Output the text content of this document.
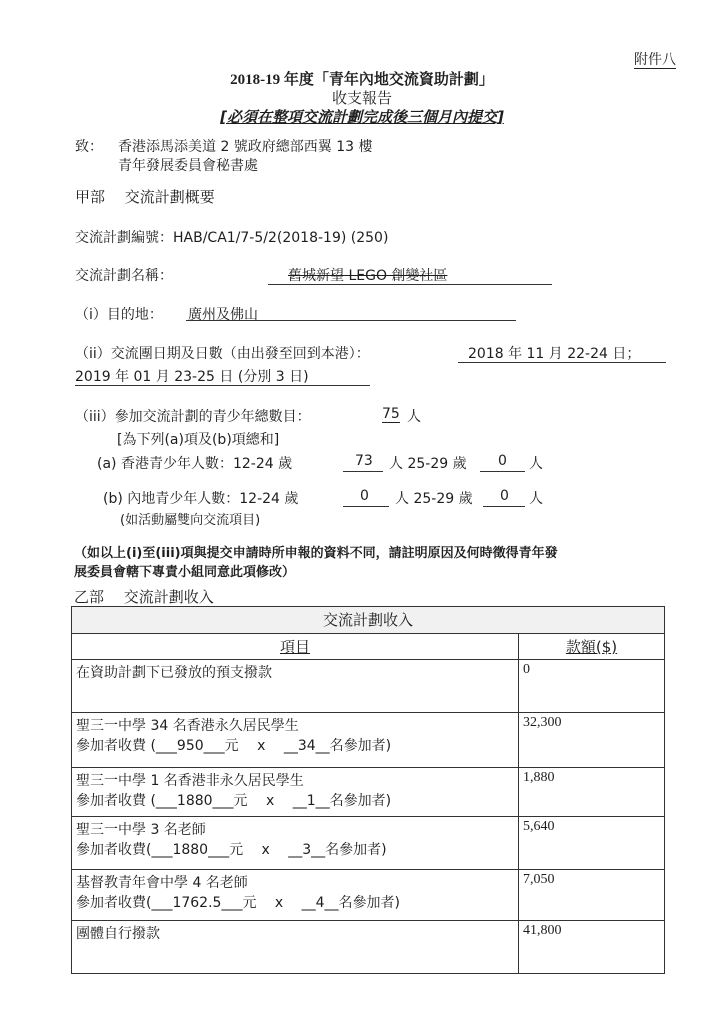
附件八
2018-19 年度「青年內地交流資助計劃」
收支報告
[必須在整項交流計劃完成後三個月內提交]
致： 香港添馬添美道 2 號政府總部西翼 13 樓
青年發展委員會秘書處
甲部　 交流計劃概要
交流計劃編號：HAB/CA1/7-5/2(2018-19) (250)
交流計劃名稱：	舊城新望 LEGO 創變社區
（i）目的地： 廣州及佛山
（ii）交流團日期及日數（由出發至回到本港）：	2018 年 11 月 22-24 日；
2019 年 01 月 23-25 日 (分別 3 日)
（iii）參加交流計劃的青少年總數目：	75 人
[為下列(a)項及(b)項總和]
(a) 香港青少年人數：12-24 歲	73 人 25-29 歲 0 人
(b) 內地青少年人數：12-24 歲	0 人 25-29 歲 0 人
(如活動屬雙向交流項目)
（如以上(i)至(iii)項與提交申請時所申報的資料不同，請註明原因及何時徵得青年發
展委員會轄下專責小組同意此項修改）
乙部　 交流計劃收入
交流計劃收入	
項目	款額($)

在資助計劃下已發放的預支撥款	0

聖三一中學 34 名香港永久居民學生
參加者收費 (___950___元　 x　 __34__名參加者)	32,300

聖三一中學 1 名香港非永久居民學生
參加者收費 (___1880___元　 x　 __1__名參加者)	1,880

聖三一中學 3 名老師
參加者收費(___1880___元　 x　 __3__名參加者)	5,640

基督教青年會中學 4 名老師
參加者收費(___1762.5___元　 x　 __4__名參加者)	7,050

團體自行撥款	41,800
